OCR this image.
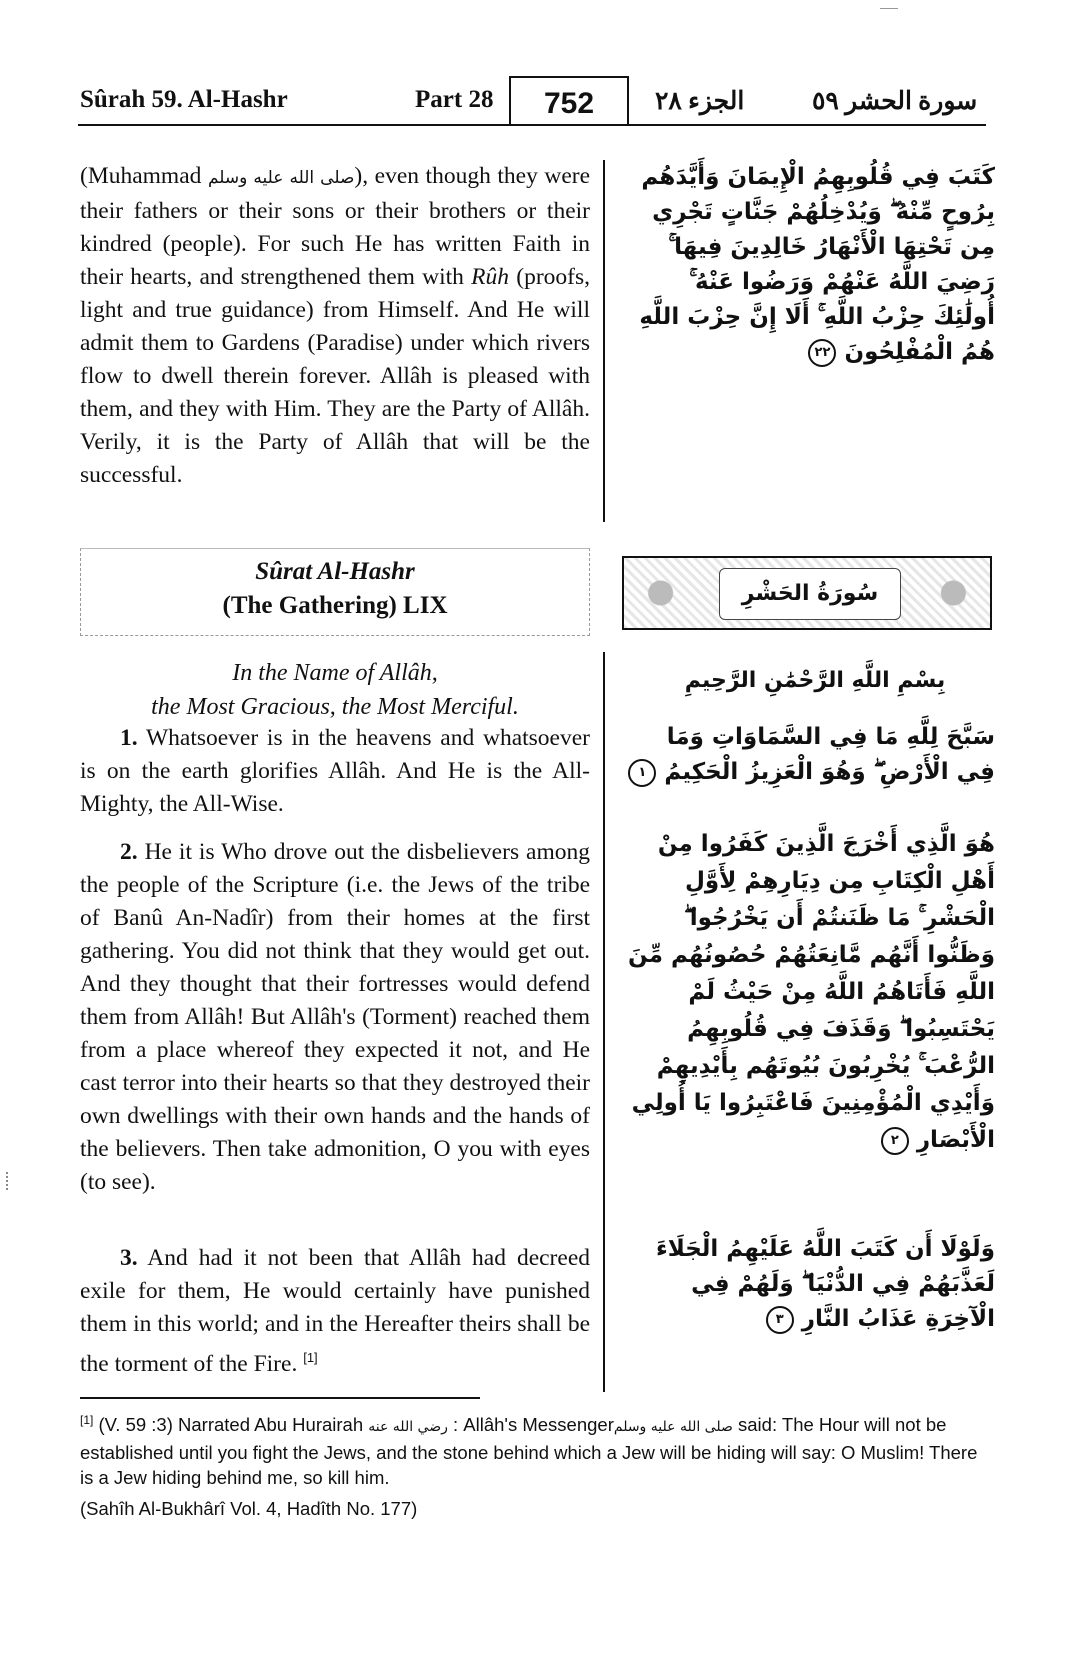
Sûrah 59. Al-Hashr	Part 28	752	الجزء ٢٨	سورة الحشر ٥٩

(Muhammad صلى الله عليه وسلم), even though they were their fathers or their sons or their brothers or their kindred (people). For such He has written Faith in their hearts, and strengthened them with Rûh (proofs, light and true guidance) from Himself. And He will admit them to Gardens (Paradise) under which rivers flow to dwell therein forever. Allâh is pleased with them, and they with Him. They are the Party of Allâh. Verily, it is the Party of Allâh that will be the successful.

Sûrat Al-Hashr
(The Gathering) LIX
In the Name of Allâh,
the Most Gracious, the Most Merciful.

1. Whatsoever is in the heavens and whatsoever is on the earth glorifies Allâh. And He is the All-Mighty, the All-Wise.

2. He it is Who drove out the disbelievers among the people of the Scripture (i.e. the Jews of the tribe of Banû An-Nadîr) from their homes at the first gathering. You did not think that they would get out. And they thought that their fortresses would defend them from Allâh! But Allâh's (Torment) reached them from a place whereof they expected it not, and He cast terror into their hearts so that they destroyed their own dwellings with their own hands and the hands of the believers. Then take admonition, O you with eyes (to see).

3. And had it not been that Allâh had decreed exile for them, He would certainly have punished them in this world; and in the Hereafter theirs shall be the torment of the Fire. [1]

كَتَبَ فِي قُلُوبِهِمُ الْإِيمَانَ وَأَيَّدَهُم بِرُوحٍ مِّنْهُ ۖ وَيُدْخِلُهُمْ جَنَّاتٍ تَجْرِي مِن تَحْتِهَا الْأَنْهَارُ خَالِدِينَ فِيهَا ۚ رَضِيَ اللَّهُ عَنْهُمْ وَرَضُوا عَنْهُ ۚ أُولَٰئِكَ حِزْبُ اللَّهِ ۚ أَلَا إِنَّ حِزْبَ اللَّهِ هُمُ الْمُفْلِحُونَ ٢٢

سُورَةُ الحَشْرِ
بِسْمِ اللَّهِ الرَّحْمَٰنِ الرَّحِيمِ

سَبَّحَ لِلَّهِ مَا فِي السَّمَاوَاتِ وَمَا فِي الْأَرْضِ ۖ وَهُوَ الْعَزِيزُ الْحَكِيمُ ١

هُوَ الَّذِي أَخْرَجَ الَّذِينَ كَفَرُوا مِنْ أَهْلِ الْكِتَابِ مِن دِيَارِهِمْ لِأَوَّلِ الْحَشْرِ ۚ مَا ظَنَنتُمْ أَن يَخْرُجُوا ۖ وَظَنُّوا أَنَّهُم مَّانِعَتُهُمْ حُصُونُهُم مِّنَ اللَّهِ فَأَتَاهُمُ اللَّهُ مِنْ حَيْثُ لَمْ يَحْتَسِبُوا ۖ وَقَذَفَ فِي قُلُوبِهِمُ الرُّعْبَ ۚ يُخْرِبُونَ بُيُوتَهُم بِأَيْدِيهِمْ وَأَيْدِي الْمُؤْمِنِينَ فَاعْتَبِرُوا يَا أُولِي الْأَبْصَارِ ٢

وَلَوْلَا أَن كَتَبَ اللَّهُ عَلَيْهِمُ الْجَلَاءَ لَعَذَّبَهُمْ فِي الدُّنْيَا ۖ وَلَهُمْ فِي الْآخِرَةِ عَذَابُ النَّارِ ٣

[1] (V. 59 :3) Narrated Abu Hurairah رضي الله عنه : Allâh's Messengerصلى الله عليه وسلم said: The Hour will not be established until you fight the Jews, and the stone behind which a Jew will be hiding will say: O Muslim! There is a Jew hiding behind me, so kill him.

(Sahîh Al-Bukhârî Vol. 4, Hadîth No. 177)
